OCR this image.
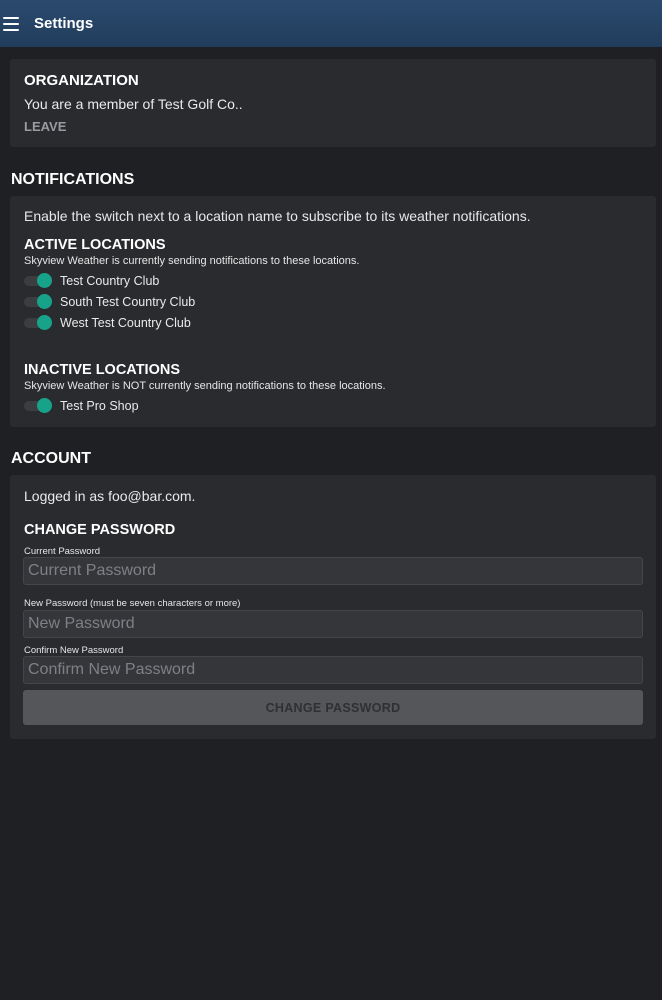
Settings
ORGANIZATION
You are a member of Test Golf Co..
LEAVE
NOTIFICATIONS
Enable the switch next to a location name to subscribe to its weather notifications.
ACTIVE LOCATIONS
Skyview Weather is currently sending notifications to these locations.
Test Country Club
South Test Country Club
West Test Country Club
INACTIVE LOCATIONS
Skyview Weather is NOT currently sending notifications to these locations.
Test Pro Shop
ACCOUNT
Logged in as foo@bar.com.
CHANGE PASSWORD
Current Password
New Password (must be seven characters or more)
Confirm New Password
CHANGE PASSWORD
